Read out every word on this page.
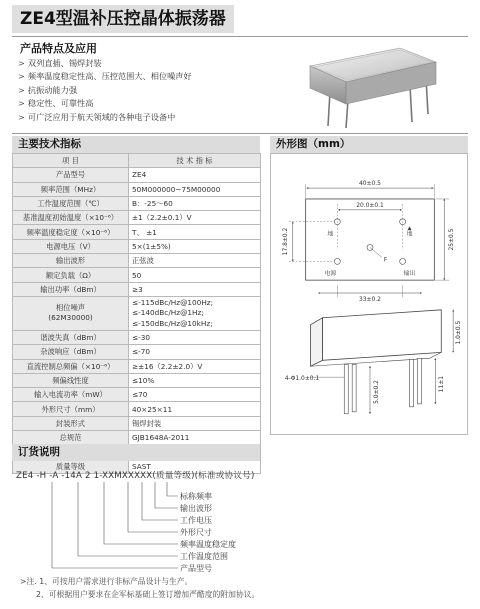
ZE4型温补压控晶体振荡器
产品特点及应用
> 双列直插、锡焊封装
> 频率温度稳定性高、压控范围大、相位噪声好
> 抗振动能力强
> 稳定性、可靠性高
> 可广泛应用于航天领域的各种电子设备中
主要技术指标	外形图（mm）
项 目	技 术 指 标
产品型号	ZE4
频率范围（MHz）	50M000000~75M00000
工作温度范围（℃）	B：-25～60
基准温度初始温度（×10⁻⁶）	±1（2.2±0.1）V
频率温度稳定度（×10⁻⁶）	T、 ±1
电源电压（V）	5×(1±5%)
输出波形	正弦波
额定负载（Ω）	50
输出功率（dBm）	≥3
相位噪声
(62M30000)	≤-115dBc/Hz@100Hz;
≤-140dBc/Hz@1Hz;
≤-150dBc/Hz@10kHz;
谐波失真（dBm）	≤-30
杂波响应（dBm）	≤-70
直流控制总频偏（×10⁻⁶）	≥±16（2.2±2.0）V
频偏线性度	≤10%
输入电流功率（mW）	≤70
外形尺寸（mm）	40×25×11
封装形式	锡焊封装
总规范	GJB1648A-2011

质量等级	SAST
40±0.5
20.0±0.1
地	地
▲
电源	输出
F
25±0.5
17.8±0.2
33±0.2
1.0±0.5
11±1
5.0±0.2
4-Φ1.0±0.1
订货说明
ZE4 -H -A -14A 2 1-XXMXXXXX(质量等级)(标准或协议号)
标称频率
输出波形
工作电压
外形尺寸
频率温度稳定度
工作温度范围
产品型号
>注. 1、可按用户需求进行非标产品设计与生产。
2、可根据用户要求在企军标基础上签订增加严酷度的附加协议。
